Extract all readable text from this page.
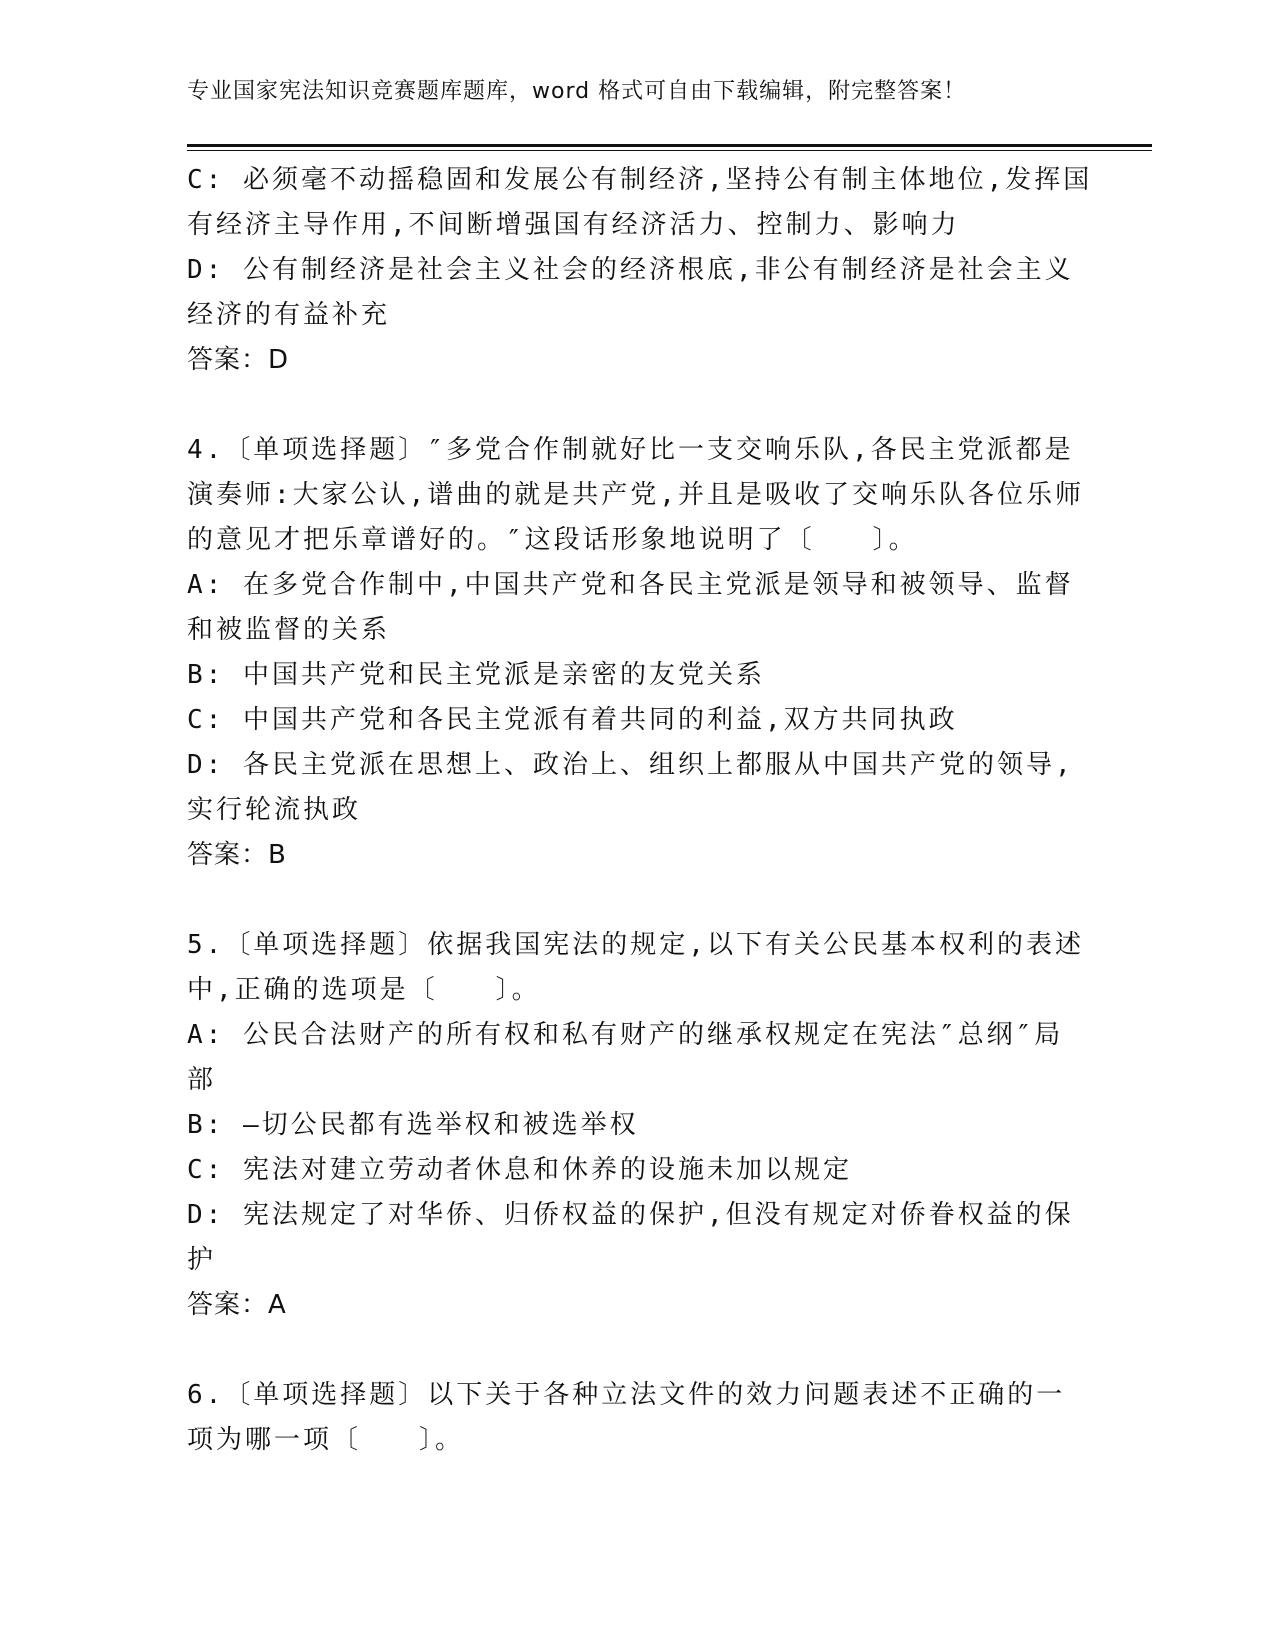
专业国家宪法知识竞赛题库题库，word 格式可自由下载编辑，附完整答案！
C: 必须毫不动摇稳固和发展公有制经济,坚持公有制主体地位,发挥国
有经济主导作用,不间断增强国有经济活力、控制力、影响力
D: 公有制经济是社会主义社会的经济根底,非公有制经济是社会主义
经济的有益补充
答案：D
4.〔单项选择题〕″多党合作制就好比一支交响乐队,各民主党派都是
演奏师:大家公认,谱曲的就是共产党,并且是吸收了交响乐队各位乐师
的意见才把乐章谱好的。″这段话形象地说明了〔　　〕。
A: 在多党合作制中,中国共产党和各民主党派是领导和被领导、监督
和被监督的关系
B: 中国共产党和民主党派是亲密的友党关系
C: 中国共产党和各民主党派有着共同的利益,双方共同执政
D: 各民主党派在思想上、政治上、组织上都服从中国共产党的领导,
实行轮流执政
答案：B
5.〔单项选择题〕依据我国宪法的规定,以下有关公民基本权利的表述
中,正确的选项是〔　　〕。
A: 公民合法财产的所有权和私有财产的继承权规定在宪法″总纲″局
部
B: —切公民都有选举权和被选举权
C: 宪法对建立劳动者休息和休养的设施未加以规定
D: 宪法规定了对华侨、归侨权益的保护,但没有规定对侨眷权益的保
护
答案：A
6.〔单项选择题〕以下关于各种立法文件的效力问题表述不正确的一
项为哪一项〔　　〕。
